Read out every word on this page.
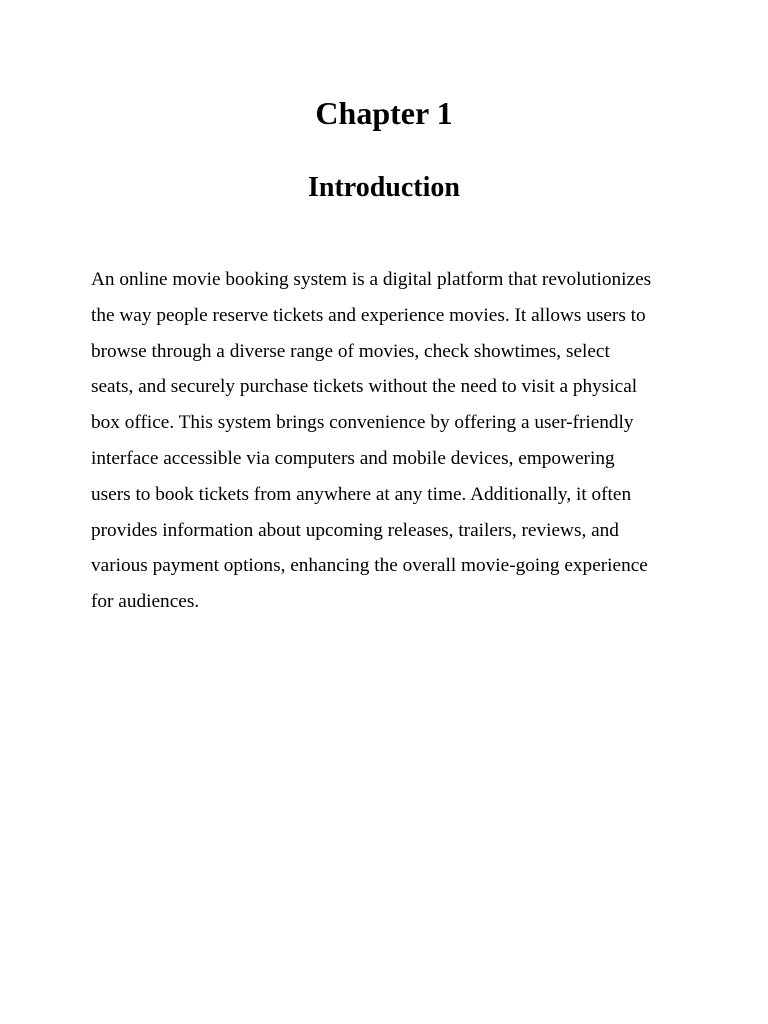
Chapter 1
Introduction

An online movie booking system is a digital platform that revolutionizes
the way people reserve tickets and experience movies. It allows users to
browse through a diverse range of movies, check showtimes, select
seats, and securely purchase tickets without the need to visit a physical
box office. This system brings convenience by offering a user-friendly
interface accessible via computers and mobile devices, empowering
users to book tickets from anywhere at any time. Additionally, it often
provides information about upcoming releases, trailers, reviews, and
various payment options, enhancing the overall movie-going experience
for audiences.
